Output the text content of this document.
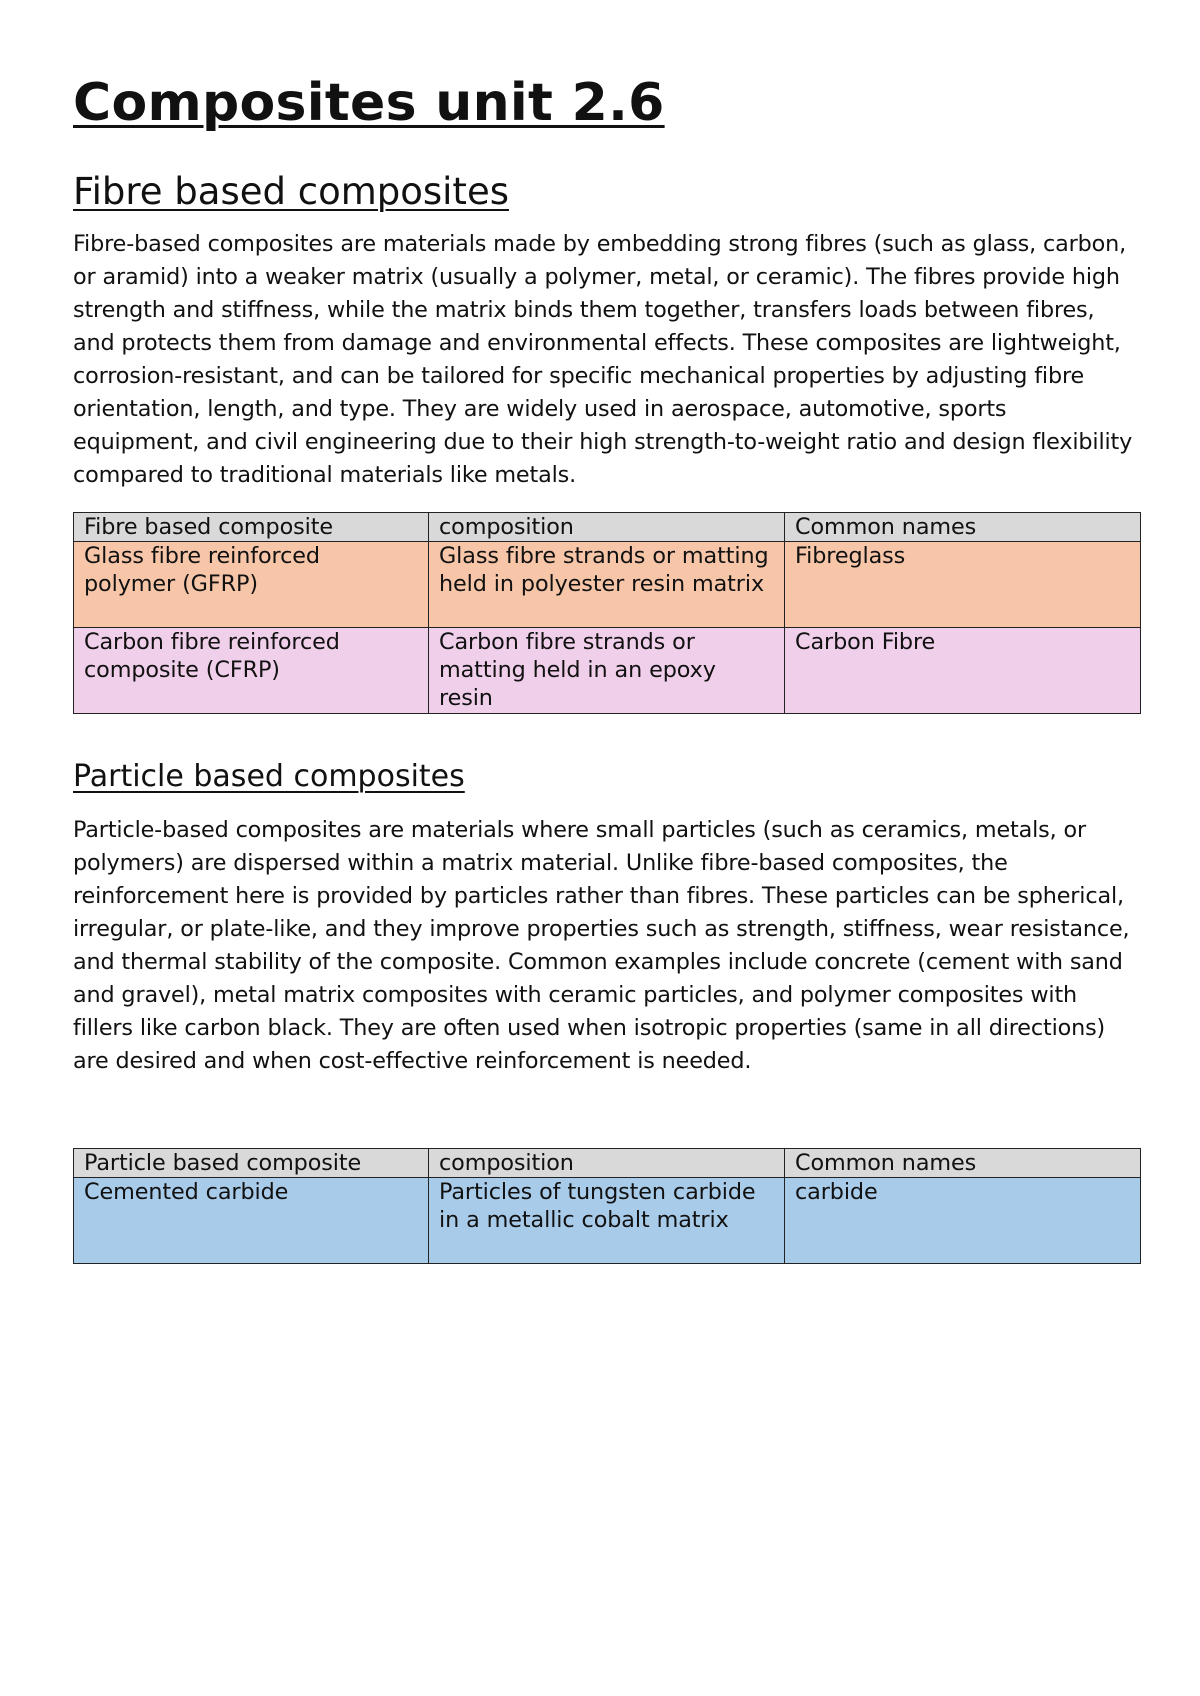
Composites unit 2.6
Fibre based composites

Fibre-based composites are materials made by embedding strong fibres (such as glass, carbon, or aramid) into a weaker matrix (usually a polymer, metal, or ceramic). The fibres provide high strength and stiffness, while the matrix binds them together, transfers loads between fibres, and protects them from damage and environmental effects. These composites are lightweight, corrosion-resistant, and can be tailored for specific mechanical properties by adjusting fibre orientation, length, and type. They are widely used in aerospace, automotive, sports equipment, and civil engineering due to their high strength-to-weight ratio and design flexibility compared to traditional materials like metals.

Fibre based composite	composition	Common names
Glass fibre reinforced polymer (GFRP)	Glass fibre strands or matting held in polyester resin matrix	Fibreglass
Carbon fibre reinforced composite (CFRP)	Carbon fibre strands or matting held in an epoxy resin	Carbon Fibre
Particle based composites

Particle-based composites are materials where small particles (such as ceramics, metals, or polymers) are dispersed within a matrix material. Unlike fibre-based composites, the reinforcement here is provided by particles rather than fibres. These particles can be spherical, irregular, or plate-like, and they improve properties such as strength, stiffness, wear resistance, and thermal stability of the composite. Common examples include concrete (cement with sand and gravel), metal matrix composites with ceramic particles, and polymer composites with fillers like carbon black. They are often used when isotropic properties (same in all directions) are desired and when cost-effective reinforcement is needed.

Particle based composite	composition	Common names
Cemented carbide	Particles of tungsten carbide in a metallic cobalt matrix	carbide
